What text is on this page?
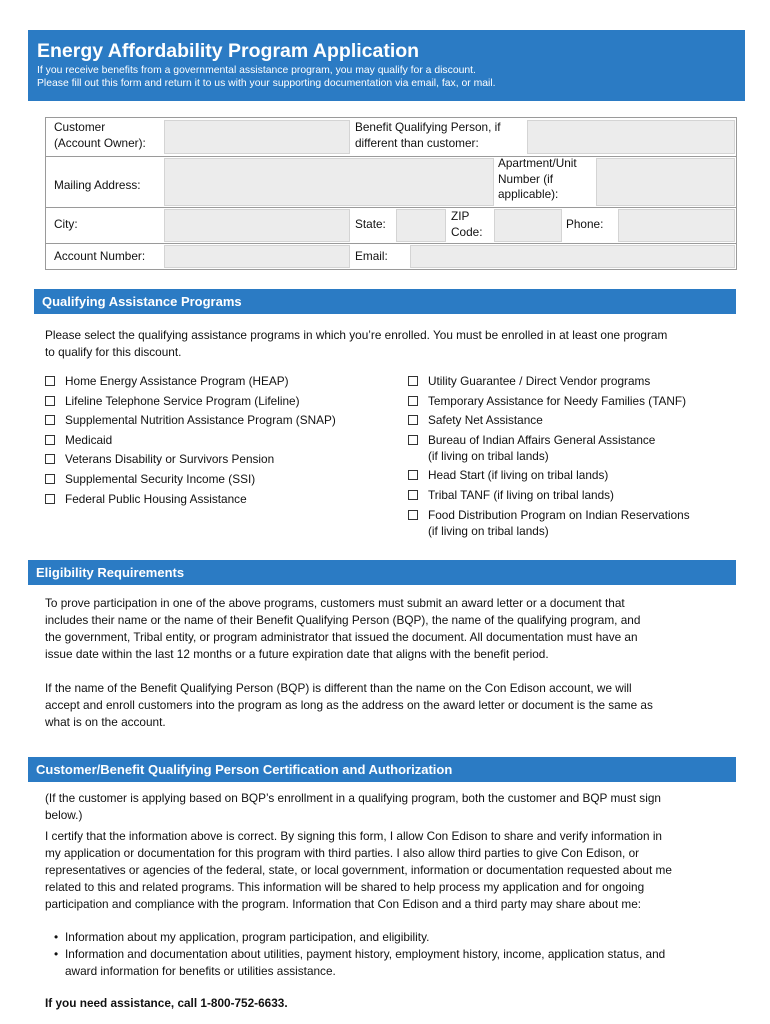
Energy Affordability Program Application
If you receive benefits from a governmental assistance program, you may qualify for a discount.
Please fill out this form and return it to us with your supporting documentation via email, fax, or mail.
Customer
(Account Owner):
Benefit Qualifying Person, if
different than customer:
Mailing Address:
Apartment/Unit
Number (if
applicable):
City:	State:
ZIP
Code:
Phone:
Account Number:	Email:
Qualifying Assistance Programs
Please select the qualifying assistance programs in which you’re enrolled. You must be enrolled in at least one program
to qualify for this discount.
Home Energy Assistance Program (HEAP)
Lifeline Telephone Service Program (Lifeline)
Supplemental Nutrition Assistance Program (SNAP)
Medicaid
Veterans Disability or Survivors Pension
Supplemental Security Income (SSI)
Federal Public Housing Assistance
Utility Guarantee / Direct Vendor programs
Temporary Assistance for Needy Families (TANF)
Safety Net Assistance
Bureau of Indian Affairs General Assistance
(if living on tribal lands)
Head Start (if living on tribal lands)
Tribal TANF (if living on tribal lands)
Food Distribution Program on Indian Reservations
(if living on tribal lands)
Eligibility Requirements
To prove participation in one of the above programs, customers must submit an award letter or a document that
includes their name or the name of their Benefit Qualifying Person (BQP), the name of the qualifying program, and
the government, Tribal entity, or program administrator that issued the document. All documentation must have an
issue date within the last 12 months or a future expiration date that aligns with the benefit period.
If the name of the Benefit Qualifying Person (BQP) is different than the name on the Con Edison account, we will
accept and enroll customers into the program as long as the address on the award letter or document is the same as
what is on the account.
Customer/Benefit Qualifying Person Certification and Authorization
(If the customer is applying based on BQP’s enrollment in a qualifying program, both the customer and BQP must sign
below.)
I certify that the information above is correct. By signing this form, I allow Con Edison to share and verify information in
my application or documentation for this program with third parties. I also allow third parties to give Con Edison, or
representatives or agencies of the federal, state, or local government, information or documentation requested about me
related to this and related programs. This information will be shared to help process my application and for ongoing
participation and compliance with the program. Information that Con Edison and a third party may share about me:
• Information about my application, program participation, and eligibility.
• Information and documentation about utilities, payment history, employment history, income, application status, and
award information for benefits or utilities assistance.
If you need assistance, call 1-800-752-6633.
